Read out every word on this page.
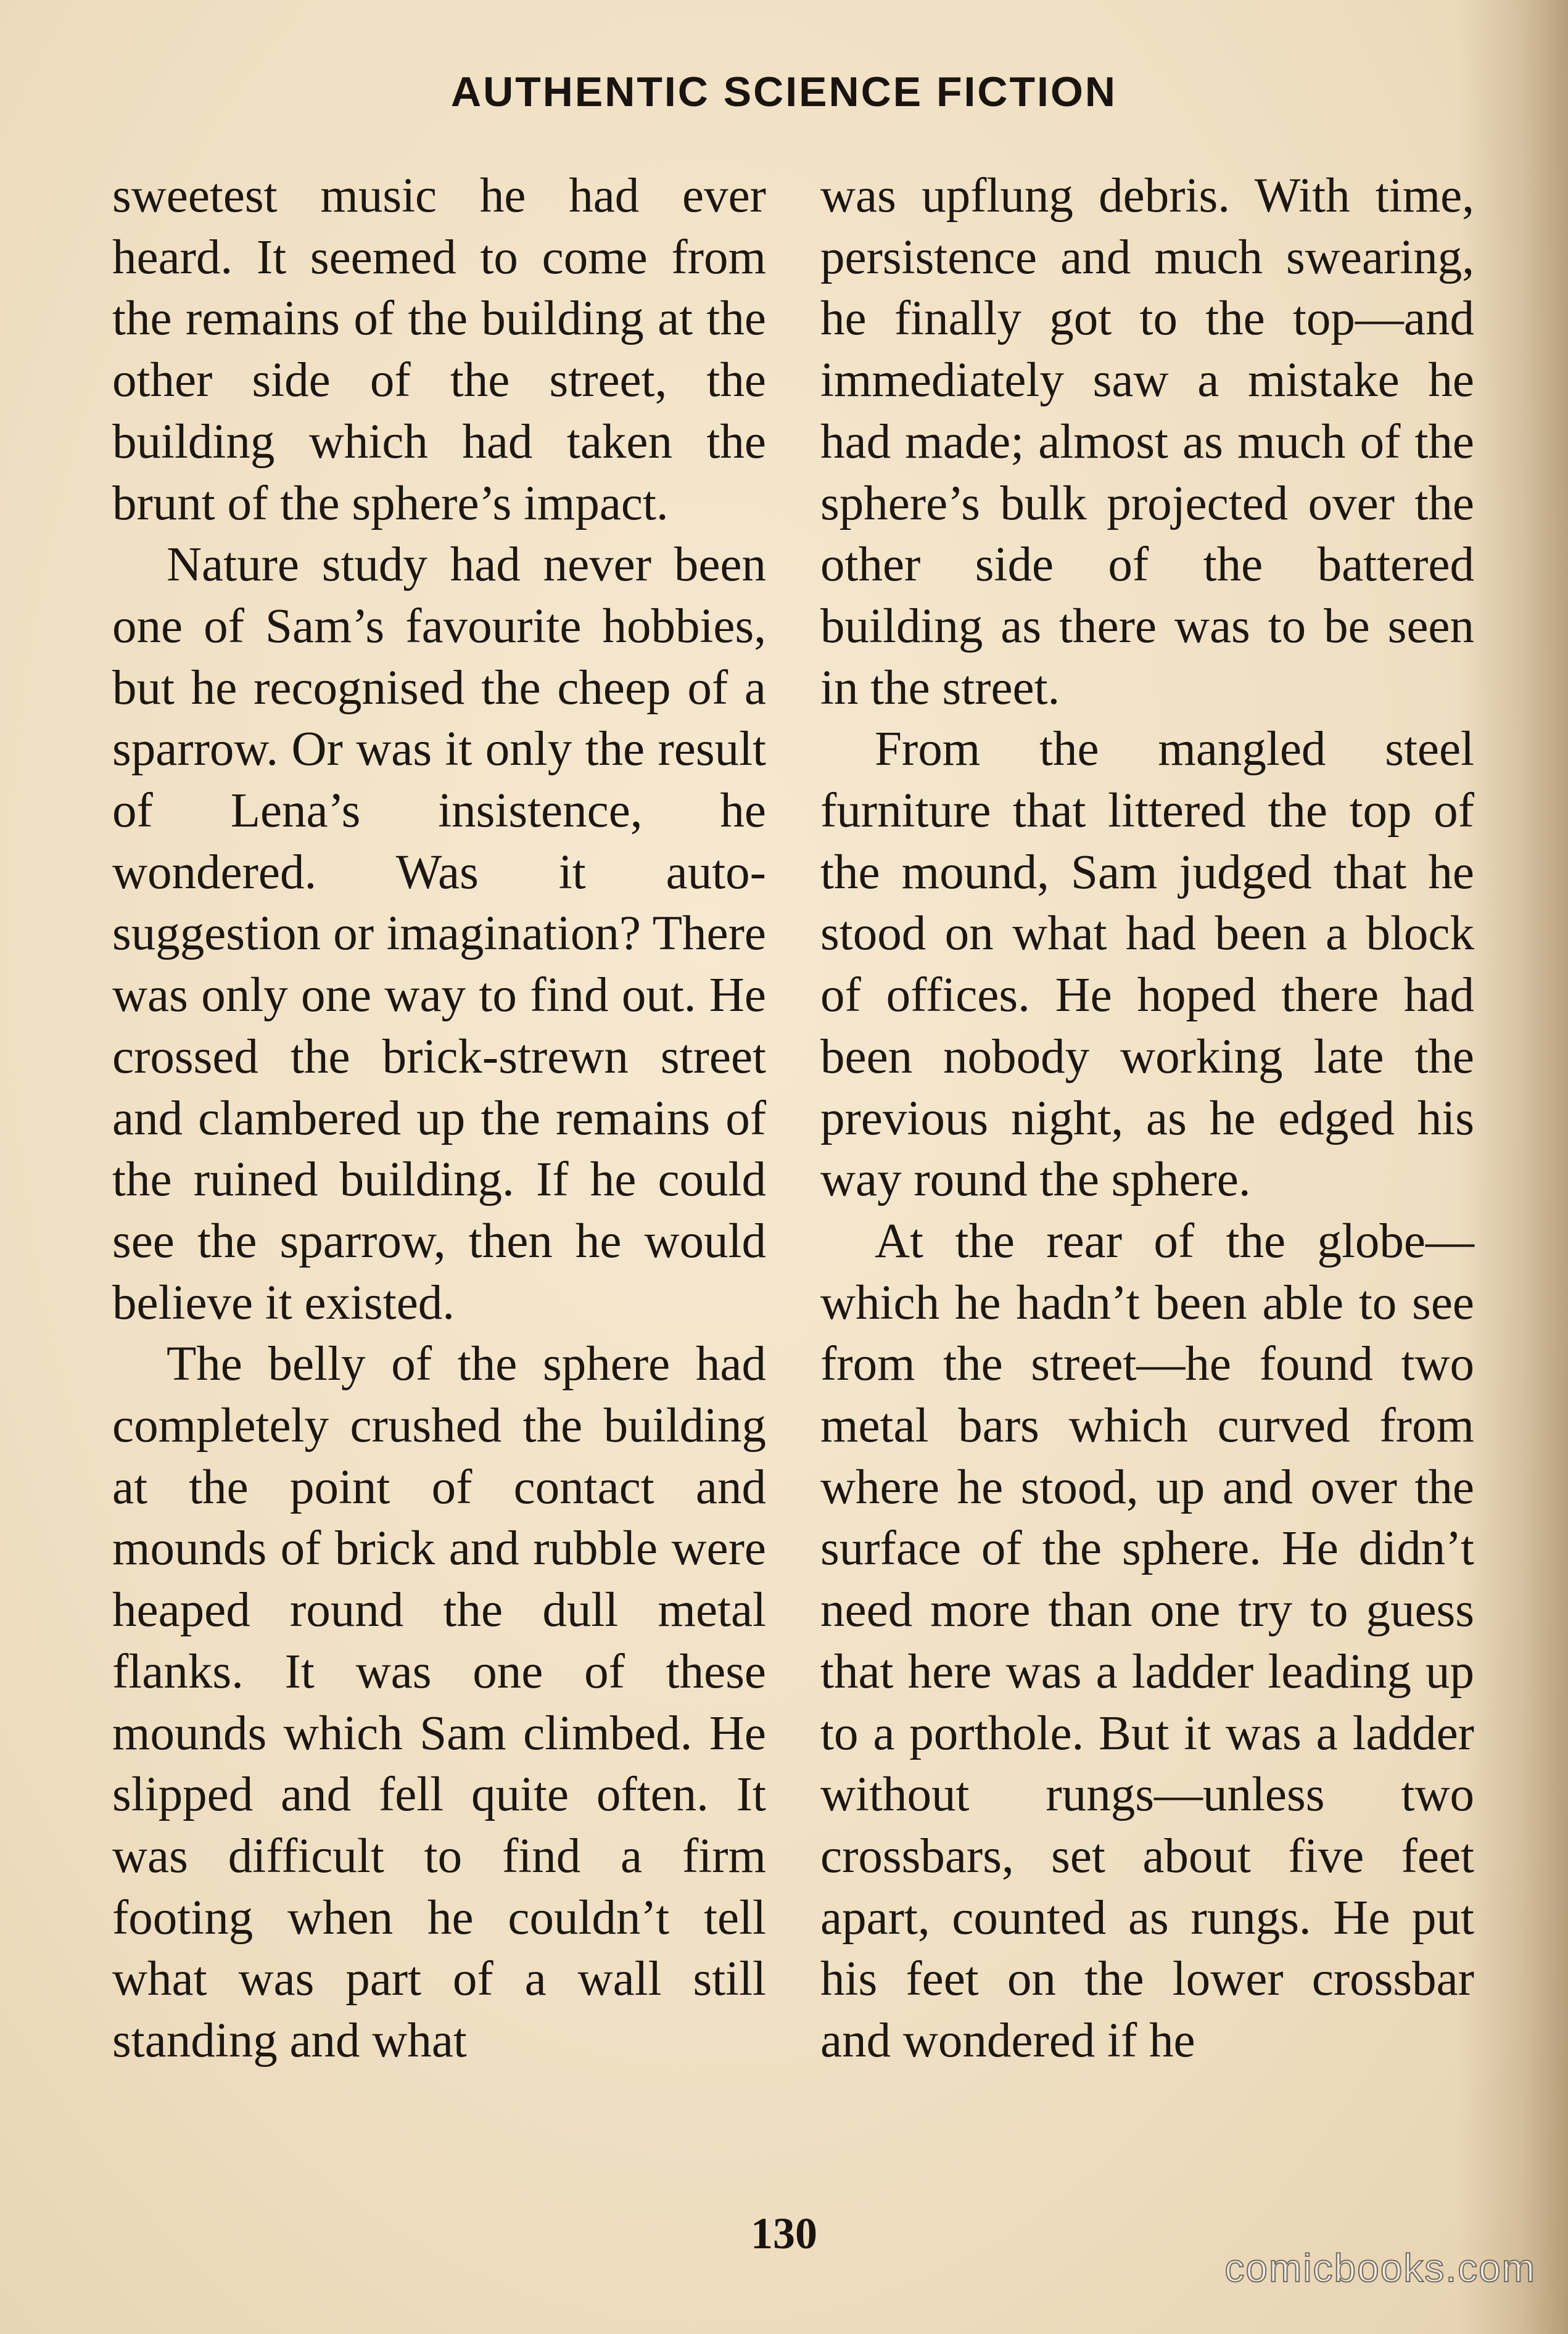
AUTHENTIC SCIENCE FICTION

sweetest music he had ever heard. It seemed to come from the remains of the building at the other side of the street, the building which had taken the brunt of the sphere’s impact.

Nature study had never been one of Sam’s favourite hobbies, but he recognised the cheep of a sparrow. Or was it only the result of Lena’s insistence, he wondered. Was it auto-suggestion or imagination? There was only one way to find out. He crossed the brick-strewn street and clambered up the remains of the ruined building. If he could see the sparrow, then he would believe it existed.

The belly of the sphere had completely crushed the building at the point of contact and mounds of brick and rubble were heaped round the dull metal flanks. It was one of these mounds which Sam climbed. He slipped and fell quite often. It was difficult to find a firm footing when he couldn’t tell what was part of a wall still standing and what

was upflung debris. With time, persistence and much swearing, he finally got to the top—and immediately saw a mistake he had made; almost as much of the sphere’s bulk projected over the other side of the battered building as there was to be seen in the street.

From the mangled steel furniture that littered the top of the mound, Sam judged that he stood on what had been a block of offices. He hoped there had been nobody working late the previous night, as he edged his way round the sphere.

At the rear of the globe—which he hadn’t been able to see from the street—he found two metal bars which curved from where he stood, up and over the surface of the sphere. He didn’t need more than one try to guess that here was a ladder leading up to a porthole. But it was a ladder without rungs—unless two crossbars, set about five feet apart, counted as rungs. He put his feet on the lower crossbar and wondered if he

130
comicbooks.com
